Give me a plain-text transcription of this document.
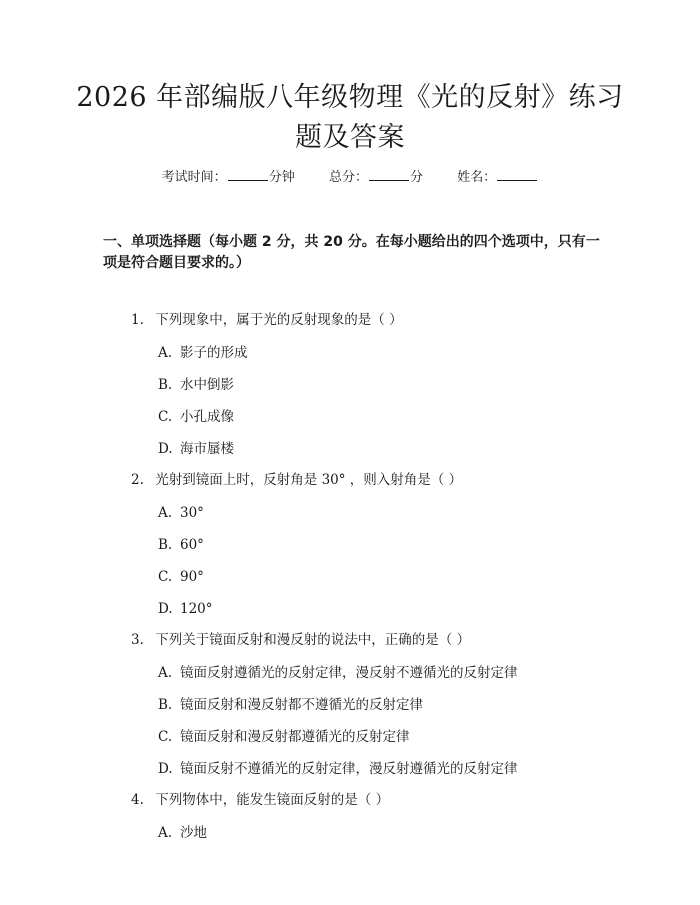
2026 年部编版八年级物理《光的反射》练习
题及答案
考试时间：	分钟	总分：	分	姓名：
一、单项选择题（每小题 2 分，共 20 分。在每小题给出的四个选项中，只有一项是符合题目要求的。）
1. 下列现象中，属于光的反射现象的是（ ）
A. 影子的形成
B. 水中倒影
C. 小孔成像
D. 海市蜃楼
2. 光射到镜面上时，反射角是 30° ，则入射角是（ ）
A. 30°
B. 60°
C. 90°
D. 120°
3. 下列关于镜面反射和漫反射的说法中，正确的是（ ）
A. 镜面反射遵循光的反射定律，漫反射不遵循光的反射定律
B. 镜面反射和漫反射都不遵循光的反射定律
C. 镜面反射和漫反射都遵循光的反射定律
D. 镜面反射不遵循光的反射定律，漫反射遵循光的反射定律
4. 下列物体中，能发生镜面反射的是（ ）
A. 沙地
